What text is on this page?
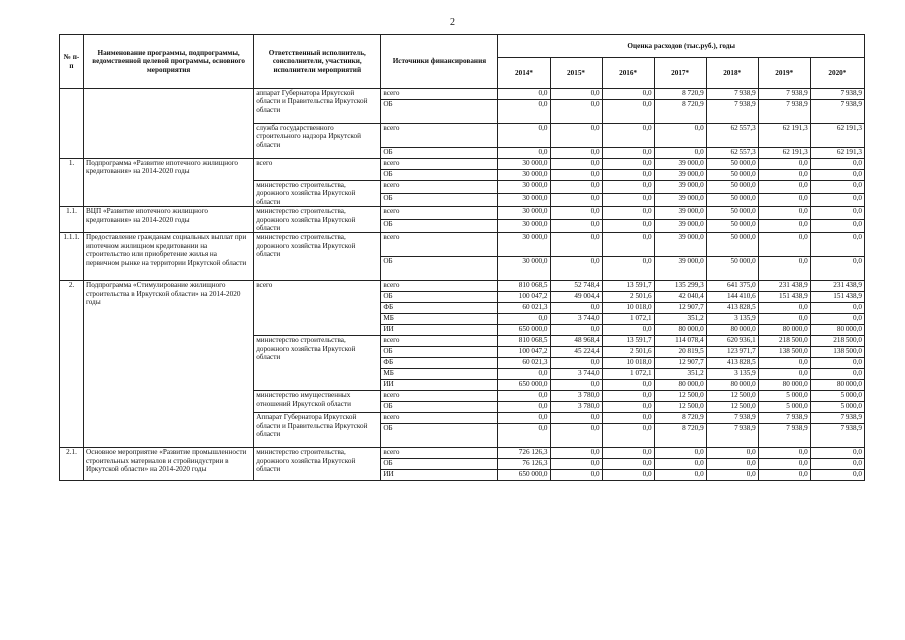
2
№ п-п	Наименование программы, подпрограммы, ведомственной целевой программы, основного мероприятия	Ответственный исполнитель, соисполнители, участники, исполнители мероприятий	Источники финансирования	Оценка расходов (тыс.руб.), годы						
				2014*	2015*	2016*	2017*	2018*	2019*	2020*
		аппарат Губернатора Иркутской области и Правительства Иркутской области	всего	0,0	0,0	0,0	8 720,9	7 938,9	7 938,9	7 938,9
			ОБ	0,0	0,0	0,0	8 720,9	7 938,9	7 938,9	7 938,9
		служба государственного строительного надзора Иркутской области	всего	0,0	0,0	0,0	0,0	62 557,3	62 191,3	62 191,3
			ОБ	0,0	0,0	0,0	0,0	62 557,3	62 191,3	62 191,3
1.	Подпрограмма «Развитие ипотечного жилищного кредитования» на 2014-2020 годы	всего	всего	30 000,0	0,0	0,0	39 000,0	50 000,0	0,0	0,0
			ОБ	30 000,0	0,0	0,0	39 000,0	50 000,0	0,0	0,0
		министерство строительства, дорожного хозяйства Иркутской области	всего	30 000,0	0,0	0,0	39 000,0	50 000,0	0,0	0,0
			ОБ	30 000,0	0,0	0,0	39 000,0	50 000,0	0,0	0,0
1.1.	ВЦП «Развитие ипотечного жилищного кредитования» на 2014-2020 годы	министерство строительства, дорожного хозяйства Иркутской области	всего	30 000,0	0,0	0,0	39 000,0	50 000,0	0,0	0,0
			ОБ	30 000,0	0,0	0,0	39 000,0	50 000,0	0,0	0,0
1.1.1.	Предоставление гражданам социальных выплат при ипотечном жилищном кредитовании на строительство или приобретение жилья на первичном рынке на территории Иркутской области	министерство строительства, дорожного хозяйства Иркутской области	всего	30 000,0	0,0	0,0	39 000,0	50 000,0	0,0	0,0
			ОБ	30 000,0	0,0	0,0	39 000,0	50 000,0	0,0	0,0
2.	Подпрограмма «Стимулирование жилищного строительства в Иркутской области» на 2014-2020 годы	всего	всего	810 068,5	52 748,4	13 591,7	135 299,3	641 375,0	231 438,9	231 438,9
			ОБ	100 047,2	49 004,4	2 501,6	42 040,4	144 410,6	151 438,9	151 438,9
			ФБ	60 021,3	0,0	10 018,0	12 907,7	413 828,5	0,0	0,0
			МБ	0,0	3 744,0	1 072,1	351,2	3 135,9	0,0	0,0
			ИИ	650 000,0	0,0	0,0	80 000,0	80 000,0	80 000,0	80 000,0
		министерство строительства, дорожного хозяйства Иркутской области	всего	810 068,5	48 968,4	13 591,7	114 078,4	620 936,1	218 500,0	218 500,0
			ОБ	100 047,2	45 224,4	2 501,6	20 819,5	123 971,7	138 500,0	138 500,0
			ФБ	60 021,3	0,0	10 018,0	12 907,7	413 828,5	0,0	0,0
			МБ	0,0	3 744,0	1 072,1	351,2	3 135,9	0,0	0,0
			ИИ	650 000,0	0,0	0,0	80 000,0	80 000,0	80 000,0	80 000,0
		министерство имущественных отношений Иркутской области	всего	0,0	3 780,0	0,0	12 500,0	12 500,0	5 000,0	5 000,0
			ОБ	0,0	3 780,0	0,0	12 500,0	12 500,0	5 000,0	5 000,0
		Аппарат Губернатора Иркутской области и Правительства Иркутской области	всего	0,0	0,0	0,0	8 720,9	7 938,9	7 938,9	7 938,9
			ОБ	0,0	0,0	0,0	8 720,9	7 938,9	7 938,9	7 938,9
2.1.	Основное мероприятие «Развитие промышленности строительных материалов и стройиндустрии в Иркутской области» на 2014-2020 годы	министерство строительства, дорожного хозяйства Иркутской области	всего	726 126,3	0,0	0,0	0,0	0,0	0,0	0,0
			ОБ	76 126,3	0,0	0,0	0,0	0,0	0,0	0,0
			ИИ	650 000,0	0,0	0,0	0,0	0,0	0,0	0,0
